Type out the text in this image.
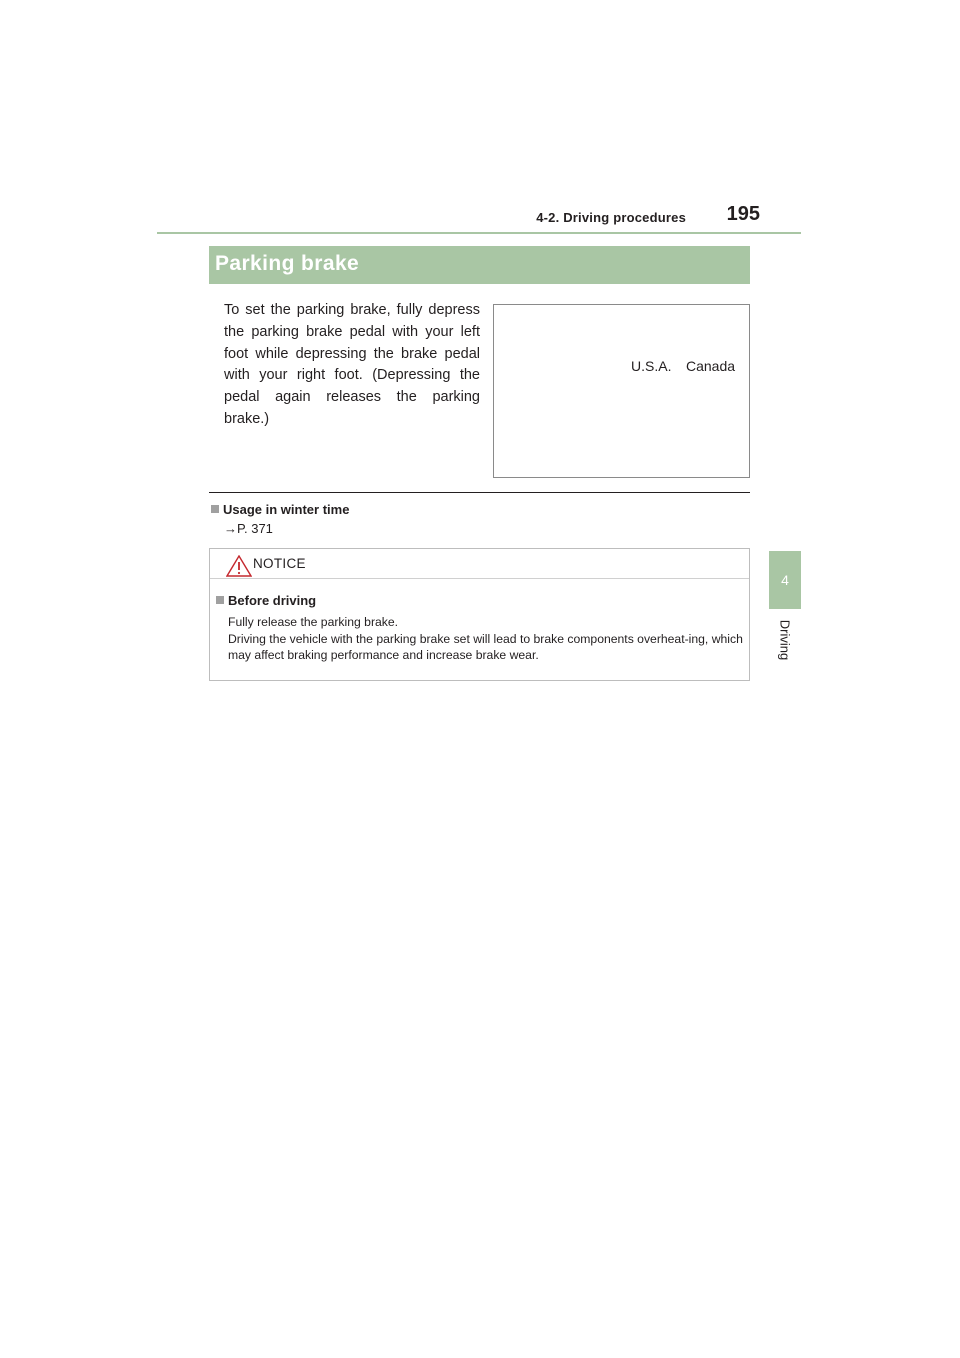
4-2. Driving procedures	195
4
Driving
Parking brake
To set the parking brake, fully depress the parking brake pedal with your left foot while depressing the brake pedal with your right foot. (Depressing the pedal again releases the parking brake.)
U.S.A. Canada
Usage in winter time
→P. 371
NOTICE
Before driving
Fully release the parking brake.
Driving the vehicle with the parking brake set will lead to brake components overheat-ing, which may affect braking performance and increase brake wear.
